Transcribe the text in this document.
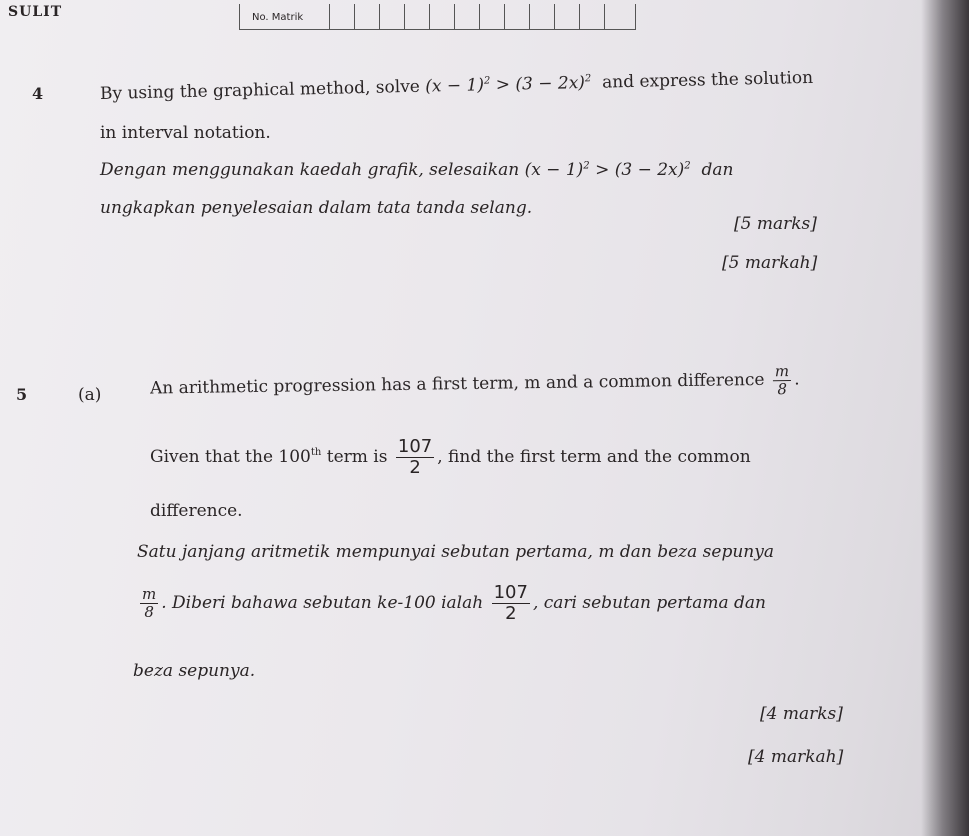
SULIT	No. Matrik
4	By using the graphical method, solve $(x - 1)^2 > (3 - 2x)^2$ and express the solution
in interval notation.
Dengan menggunakan kaedah grafik, selesaikan $(x - 1)^2 > (3 - 2x)^2$ dan
ungkapkan penyelesaian dalam tata tanda selang.
[5 marks]
[5 markah]
5	(a)	An arithmetic progression has a first term, m and a common difference $\frac{m}{8}$ .
Given that the 100th term is $\frac{107}{2}$ , find the first term and the common
difference.
Satu janjang aritmetik mempunyai sebutan pertama, m dan beza sepunya
$\frac{m}{8}$ . Diberi bahawa sebutan ke-100 ialah $\frac{107}{2}$ , cari sebutan pertama dan
beza sepunya.
[4 marks]
[4 markah]
